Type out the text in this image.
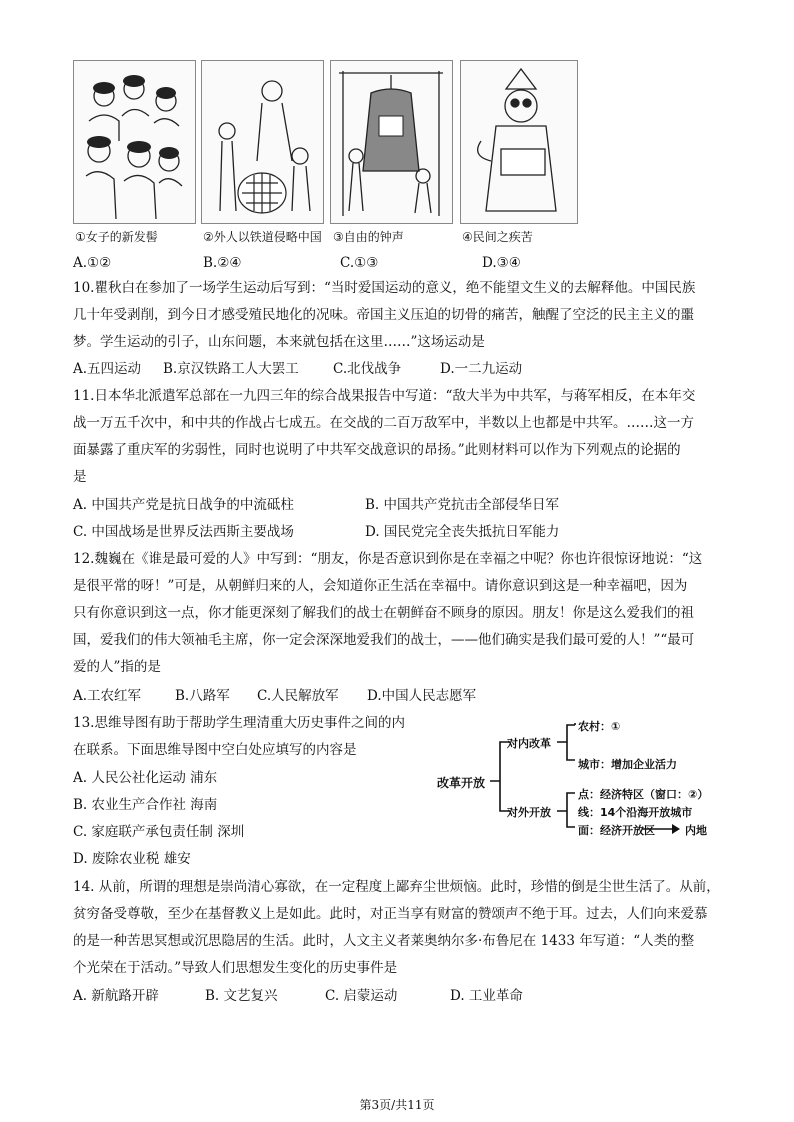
①女子的新发髻	②外人以铁道侵略中国 ③自由的钟声	④民间之疾苦
A.①②	B.②④	C.①③	D.③④
10.瞿秋白在参加了一场学生运动后写到：“当时爱国运动的意义，绝不能望文生义的去解释他。中国民族
几十年受剥削，到今日才感受殖民地化的况味。帝国主义压迫的切骨的痛苦，触醒了空泛的民主主义的噩
梦。学生运动的引子，山东问题，本来就包括在这里……”这场运动是
A.五四运动 B.京汉铁路工人大罢工	C.北伐战争	D.一二九运动
11.日本华北派遣军总部在一九四三年的综合战果报告中写道：“敌大半为中共军，与蒋军相反，在本年交
战一万五千次中，和中共的作战占七成五。在交战的二百万敌军中，半数以上也都是中共军。……这一方
面暴露了重庆军的劣弱性，同时也说明了中共军交战意识的昂扬。”此则材料可以作为下列观点的论据的
是
A. 中国共产党是抗日战争的中流砥柱	B. 中国共产党抗击全部侵华日军
C. 中国战场是世界反法西斯主要战场	D. 国民党完全丧失抵抗日军能力
12.魏巍在《谁是最可爱的人》中写到：“朋友，你是否意识到你是在幸福之中呢？你也许很惊讶地说：“这
是很平常的呀！”可是，从朝鲜归来的人，会知道你正生活在幸福中。请你意识到这是一种幸福吧，因为
只有你意识到这一点，你才能更深刻了解我们的战士在朝鲜奋不顾身的原因。朋友！你是这么爱我们的祖
国，爱我们的伟大领袖毛主席，你一定会深深地爱我们的战士，——他们确实是我们最可爱的人！”“最可
爱的人”指的是
A.工农红军	B.八路军 C.人民解放军 D.中国人民志愿军
13.思维导图有助于帮助学生理清重大历史事件之间的内
在联系。下面思维导图中空白处应填写的内容是
A. 人民公社化运动 浦东
B. 农业生产合作社 海南
C. 家庭联产承包责任制 深圳
D. 废除农业税 雄安
改革开放
对内改革
农村：①
城市：增加企业活力
对外开放
点：经济特区（窗口：②）
线：14个沿海开放城市
面：经济开放区	内地
14. 从前，所谓的理想是崇尚清心寡欲，在一定程度上鄙弃尘世烦恼。此时，珍惜的倒是尘世生活了。从前，
贫穷备受尊敬，至少在基督教义上是如此。此时，对正当享有财富的赞颂声不绝于耳。过去，人们向来爱慕
的是一种苦思冥想或沉思隐居的生活。此时，人文主义者莱奥纳尔多·布鲁尼在 1433 年写道：“人类的整
个光荣在于活动。”导致人们思想发生变化的历史事件是
A. 新航路开辟	B. 文艺复兴	C. 启蒙运动	D. 工业革命
第3页/共11页
